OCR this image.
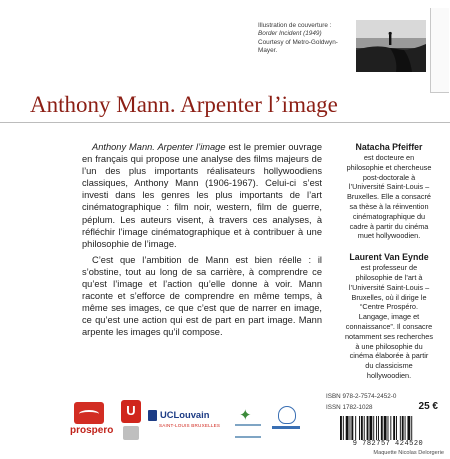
Illustration de couverture :
Border Incident (1949)
Courtesy of Metro-Goldwyn-Mayer.
Anthony Mann. Arpenter l’image

Anthony Mann. Arpenter l’image est le premier ouvrage en français qui propose une analyse des films majeurs de l’un des plus importants réalisateurs hollywoodiens classiques, Anthony Mann (1906-1967). Celui-ci s’est investi dans les genres les plus importants de l’art cinématographique : film noir, western, film de guerre, péplum. Les auteurs visent, à travers ces analyses, à réfléchir l’image cinématographique et à contribuer à une philosophie de l’image.

C’est que l’ambition de Mann est bien réelle : il s’obstine, tout au long de sa carrière, à comprendre ce qu’est l’image et l’action qu’elle donne à voir. Mann raconte et s’efforce de comprendre en même temps, à même ses images, ce que c’est que de narrer en image, ce qu’est une action qui est de part en part image. Mann arpente les images qu’il compose.

Natacha Pfeiffer
est docteure en philosophie et chercheuse post-doctorale à l’Université Saint-Louis – Bruxelles. Elle a consacré sa thèse à la réinvention cinématographique du cadre à partir du cinéma muet hollywoodien.
Laurent Van Eynde
est professeur de philosophie de l’art à l’Université Saint-Louis – Bruxelles, où il dirige le “Centre Prospéro. Langage, image et connaissance”. Il consacre notamment ses recherches à une philosophie du cinéma élaborée à partir du classicisme hollywoodien.
prospero
U	UCLouvain
SAINT-LOUIS BRUXELLES
✦
ISBN 978-2-7574-2452-0
ISSN 1782-1028	25 €
9 782757 424520
Maquette Nicolas Delorgerie
